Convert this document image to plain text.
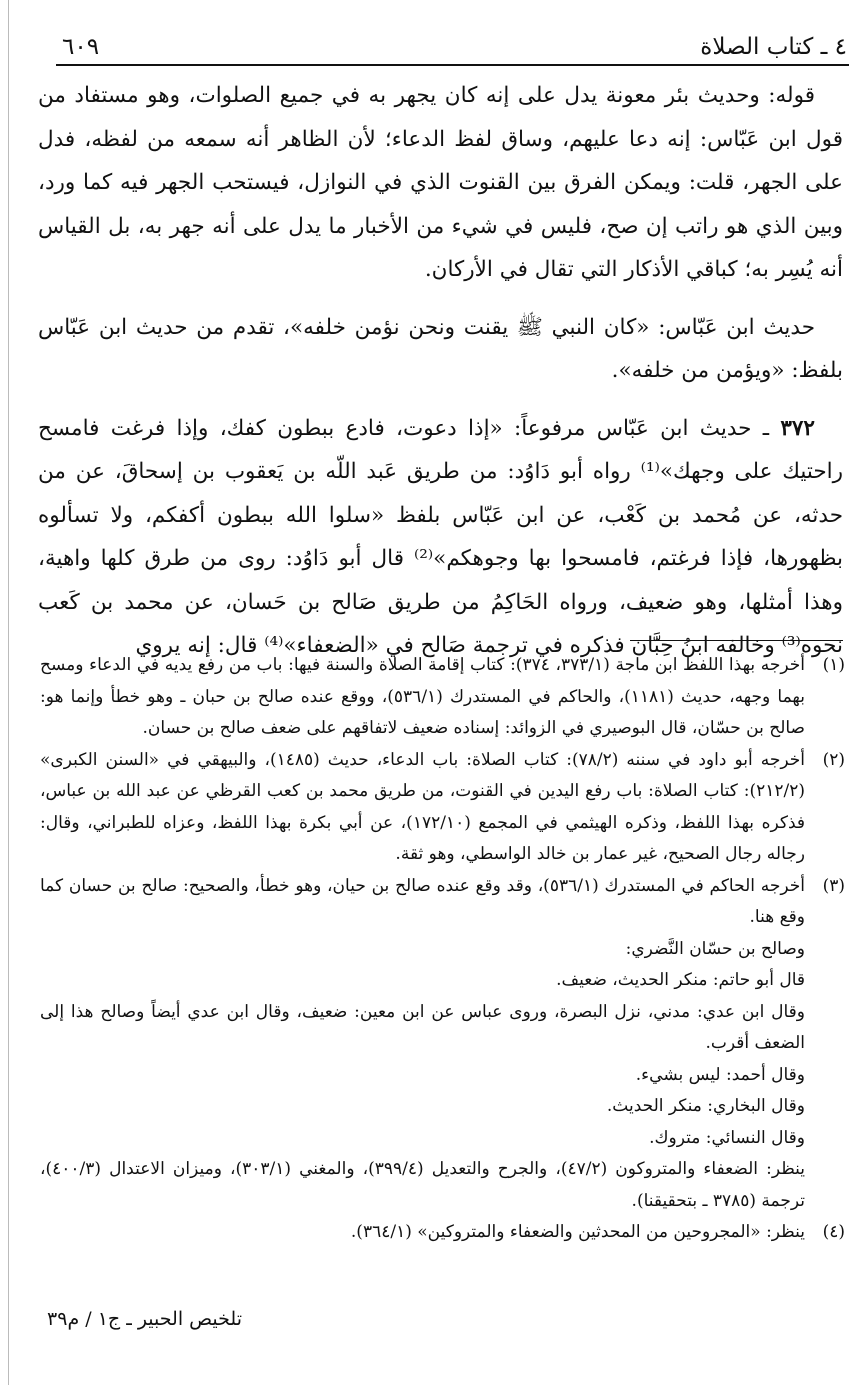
٤ ـ كتاب الصلاة
٦٠٩

قوله: وحديث بئر معونة يدل على إنه كان يجهر به في جميع الصلوات، وهو مستفاد من قول ابن عَبّاس: إنه دعا عليهم، وساق لفظ الدعاء؛ لأن الظاهر أنه سمعه من لفظه، فدل على الجهر، قلت: ويمكن الفرق بين القنوت الذي في النوازل، فيستحب الجهر فيه كما ورد، وبين الذي هو راتب إن صح، فليس في شيء من الأخبار ما يدل على أنه جهر به، بل القياس أنه يُسِر به؛ كباقي الأذكار التي تقال في الأركان.

حديث ابن عَبّاس: «كان النبي ﷺ يقنت ونحن نؤمن خلفه»، تقدم من حديث ابن عَبّاس بلفظ: «ويؤمن من خلفه».

٣٧٢ ـ حديث ابن عَبّاس مرفوعاً: «إذا دعوت، فادع ببطون كفك، وإذا فرغت فامسح راحتيك على وجهك»⁽¹⁾ رواه أبو دَاوُد: من طريق عَبد اللّه بن يَعقوب بن إسحاقَ، عن من حدثه، عن مُحمد بن كَعْب، عن ابن عَبّاس بلفظ «سلوا الله ببطون أكفكم، ولا تسألوه بظهورها، فإذا فرغتم، فامسحوا بها وجوهكم»⁽²⁾ قال أبو دَاوُد: روى من طرق كلها واهية، وهذا أمثلها، وهو ضعيف، ورواه الحَاكِمُ من طريق صَالح بن حَسان، عن محمد بن كَعب نحوه⁽³⁾ وخالفه ابنُ حِبَّان فذكره في ترجمة صَالح في «الضعفاء»⁽⁴⁾ قال: إنه يروي

(١)
أخرجه بهذا اللفظ ابن ماجة (٣٧٣/١، ٣٧٤): كتاب إقامة الصلاة والسنة فيها: باب من رفع يديه في الدعاء ومسح بهما وجهه، حديث (١١٨١)، والحاكم في المستدرك (٥٣٦/١)، ووقع عنده صالح بن حبان ـ وهو خطأ وإنما هو: صالح بن حسّان، قال البوصيري في الزوائد: إسناده ضعيف لاتفاقهم على ضعف صالح بن حسان.
(٢)
أخرجه أبو داود في سننه (٧٨/٢): كتاب الصلاة: باب الدعاء، حديث (١٤٨٥)، والبيهقي في «السنن الكبرى» (٢١٢/٢): كتاب الصلاة: باب رفع اليدين في القنوت، من طريق محمد بن كعب القرظي عن عبد الله بن عباس، فذكره بهذا اللفظ، وذكره الهيثمي في المجمع (١٧٢/١٠)، عن أبي بكرة بهذا اللفظ، وعزاه للطبراني، وقال: رجاله رجال الصحيح، غير عمار بن خالد الواسطي، وهو ثقة.
(٣)
أخرجه الحاكم في المستدرك (٥٣٦/١)، وقد وقع عنده صالح بن حيان، وهو خطأ، والصحيح: صالح بن حسان كما وقع هنا.
وصالح بن حسّان النَّضري:
قال أبو حاتم: منكر الحديث، ضعيف.
وقال ابن عدي: مدني، نزل البصرة، وروى عباس عن ابن معين: ضعيف، وقال ابن عدي أيضاً وصالح هذا إلى الضعف أقرب.
وقال أحمد: ليس بشيء.
وقال البخاري: منكر الحديث.
وقال النسائي: متروك.
ينظر: الضعفاء والمتروكون (٤٧/٢)، والجرح والتعديل (٣٩٩/٤)، والمغني (٣٠٣/١)، وميزان الاعتدال (٤٠٠/٣)، ترجمة (٣٧٨٥ ـ بتحقيقنا).
(٤)
ينظر: «المجروحين من المحدثين والضعفاء والمتروكين» (٣٦٤/١).
تلخيص الحبير ـ ج١ / م٣٩
